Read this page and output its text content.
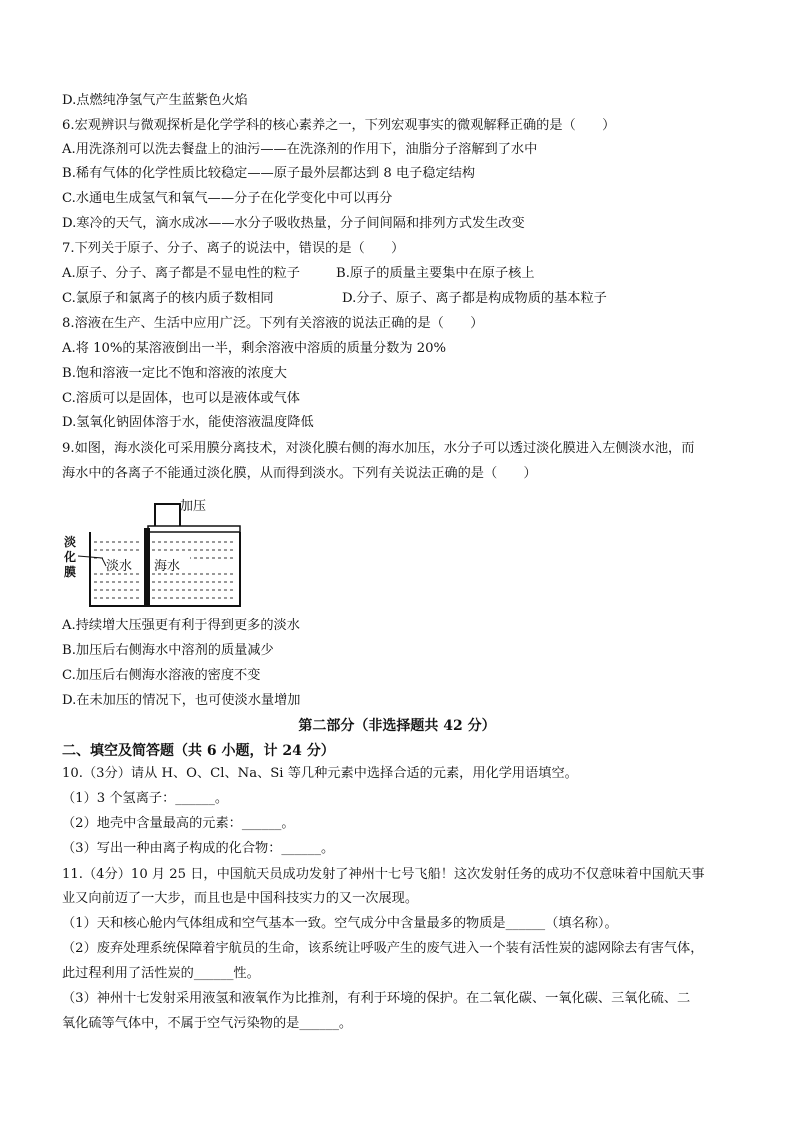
D.点燃纯净氢气产生蓝紫色火焰
6.宏观辨识与微观探析是化学学科的核心素养之一，下列宏观事实的微观解释正确的是（　　）
A.用洗涤剂可以洗去餐盘上的油污——在洗涤剂的作用下，油脂分子溶解到了水中
B.稀有气体的化学性质比较稳定——原子最外层都达到 8 电子稳定结构
C.水通电生成氢气和氧气——分子在化学变化中可以再分
D.寒冷的天气，滴水成冰——水分子吸收热量，分子间间隔和排列方式发生改变
7.下列关于原子、分子、离子的说法中，错误的是（　　）
A.原子、分子、离子都是不显电性的粒子	B.原子的质量主要集中在原子核上
C.氯原子和氯离子的核内质子数相同	D.分子、原子、离子都是构成物质的基本粒子
8.溶液在生产、生活中应用广泛。下列有关溶液的说法正确的是（　　）
A.将 10%的某溶液倒出一半，剩余溶液中溶质的质量分数为 20%
B.饱和溶液一定比不饱和溶液的浓度大
C.溶质可以是固体，也可以是液体或气体
D.氢氧化钠固体溶于水，能使溶液温度降低
9.如图，海水淡化可采用膜分离技术，对淡化膜右侧的海水加压，水分子可以透过淡化膜进入左侧淡水池，而
海水中的各离子不能通过淡化膜，从而得到淡水。下列有关说法正确的是（　　）
加压
淡水 海水
淡
化
膜
A.持续增大压强更有利于得到更多的淡水
B.加压后右侧海水中溶剂的质量减少
C.加压后右侧海水溶液的密度不变
D.在未加压的情况下，也可使淡水量增加
第二部分（非选择题共 42 分）
二、填空及简答题（共 6 小题，计 24 分）
10.（3分）请从 H、O、Cl、Na、Si 等几种元素中选择合适的元素，用化学用语填空。
（1）3 个氢离子：______。
（2）地壳中含量最高的元素：______。
（3）写出一种由离子构成的化合物：______。
11.（4分）10 月 25 日，中国航天员成功发射了神州十七号飞船！这次发射任务的成功不仅意味着中国航天事
业又向前迈了一大步，而且也是中国科技实力的又一次展现。
（1）天和核心舱内气体组成和空气基本一致。空气成分中含量最多的物质是______（填名称）。
（2）废弃处理系统保障着宇航员的生命，该系统让呼吸产生的废气进入一个装有活性炭的滤网除去有害气体，
此过程利用了活性炭的______性。
（3）神州十七发射采用液氢和液氧作为比推剂，有利于环境的保护。在二氧化碳、一氧化碳、三氧化硫、二
氧化硫等气体中，不属于空气污染物的是______。
